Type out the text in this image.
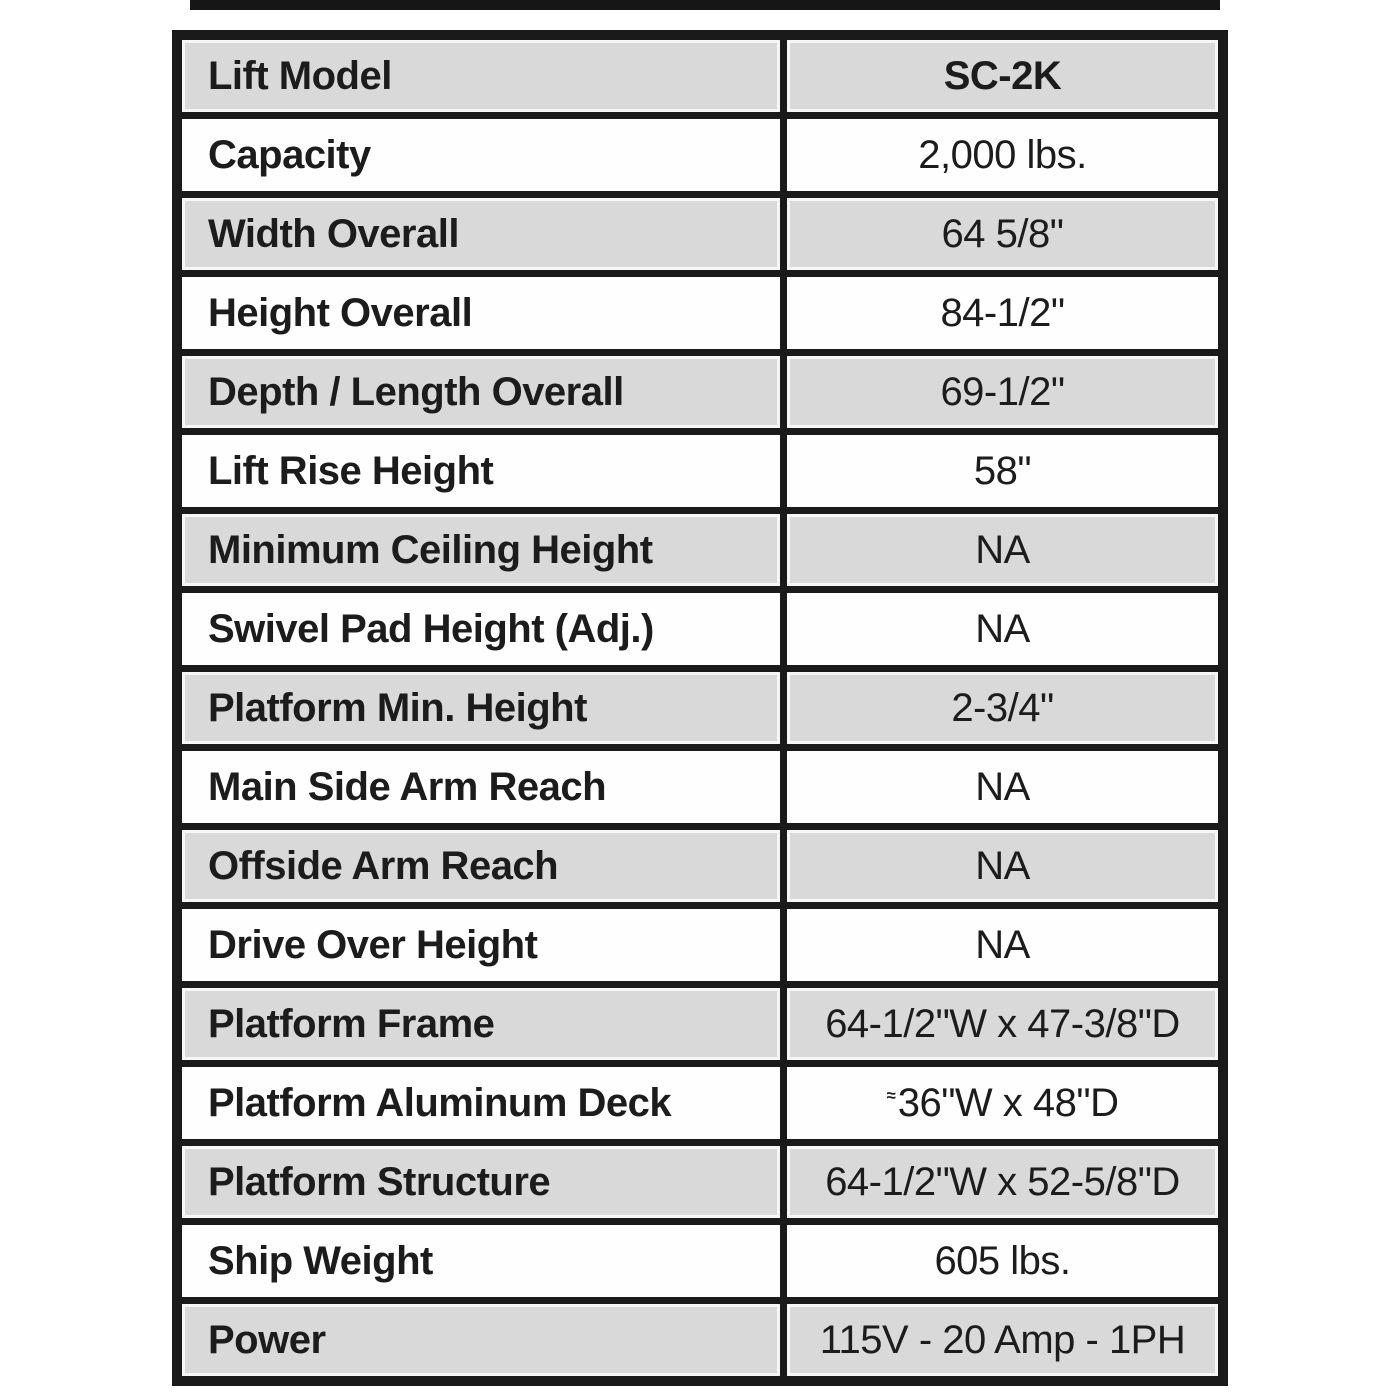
Lift Model	SC-2K
Capacity	2,000 lbs.
Width Overall	64 5/8"
Height Overall	84-1/2"
Depth / Length Overall	69-1/2"
Lift Rise Height	58"
Minimum Ceiling Height	NA
Swivel Pad Height (Adj.)	NA
Platform Min. Height	2-3/4"
Main Side Arm Reach	NA
Offside Arm Reach	NA
Drive Over Height	NA
Platform Frame	64-1/2"W x 47-3/8"D
Platform Aluminum Deck	≈36"W x 48"D
Platform Structure	64-1/2"W x 52-5/8"D
Ship Weight	605 lbs.
Power	115V - 20 Amp - 1PH
